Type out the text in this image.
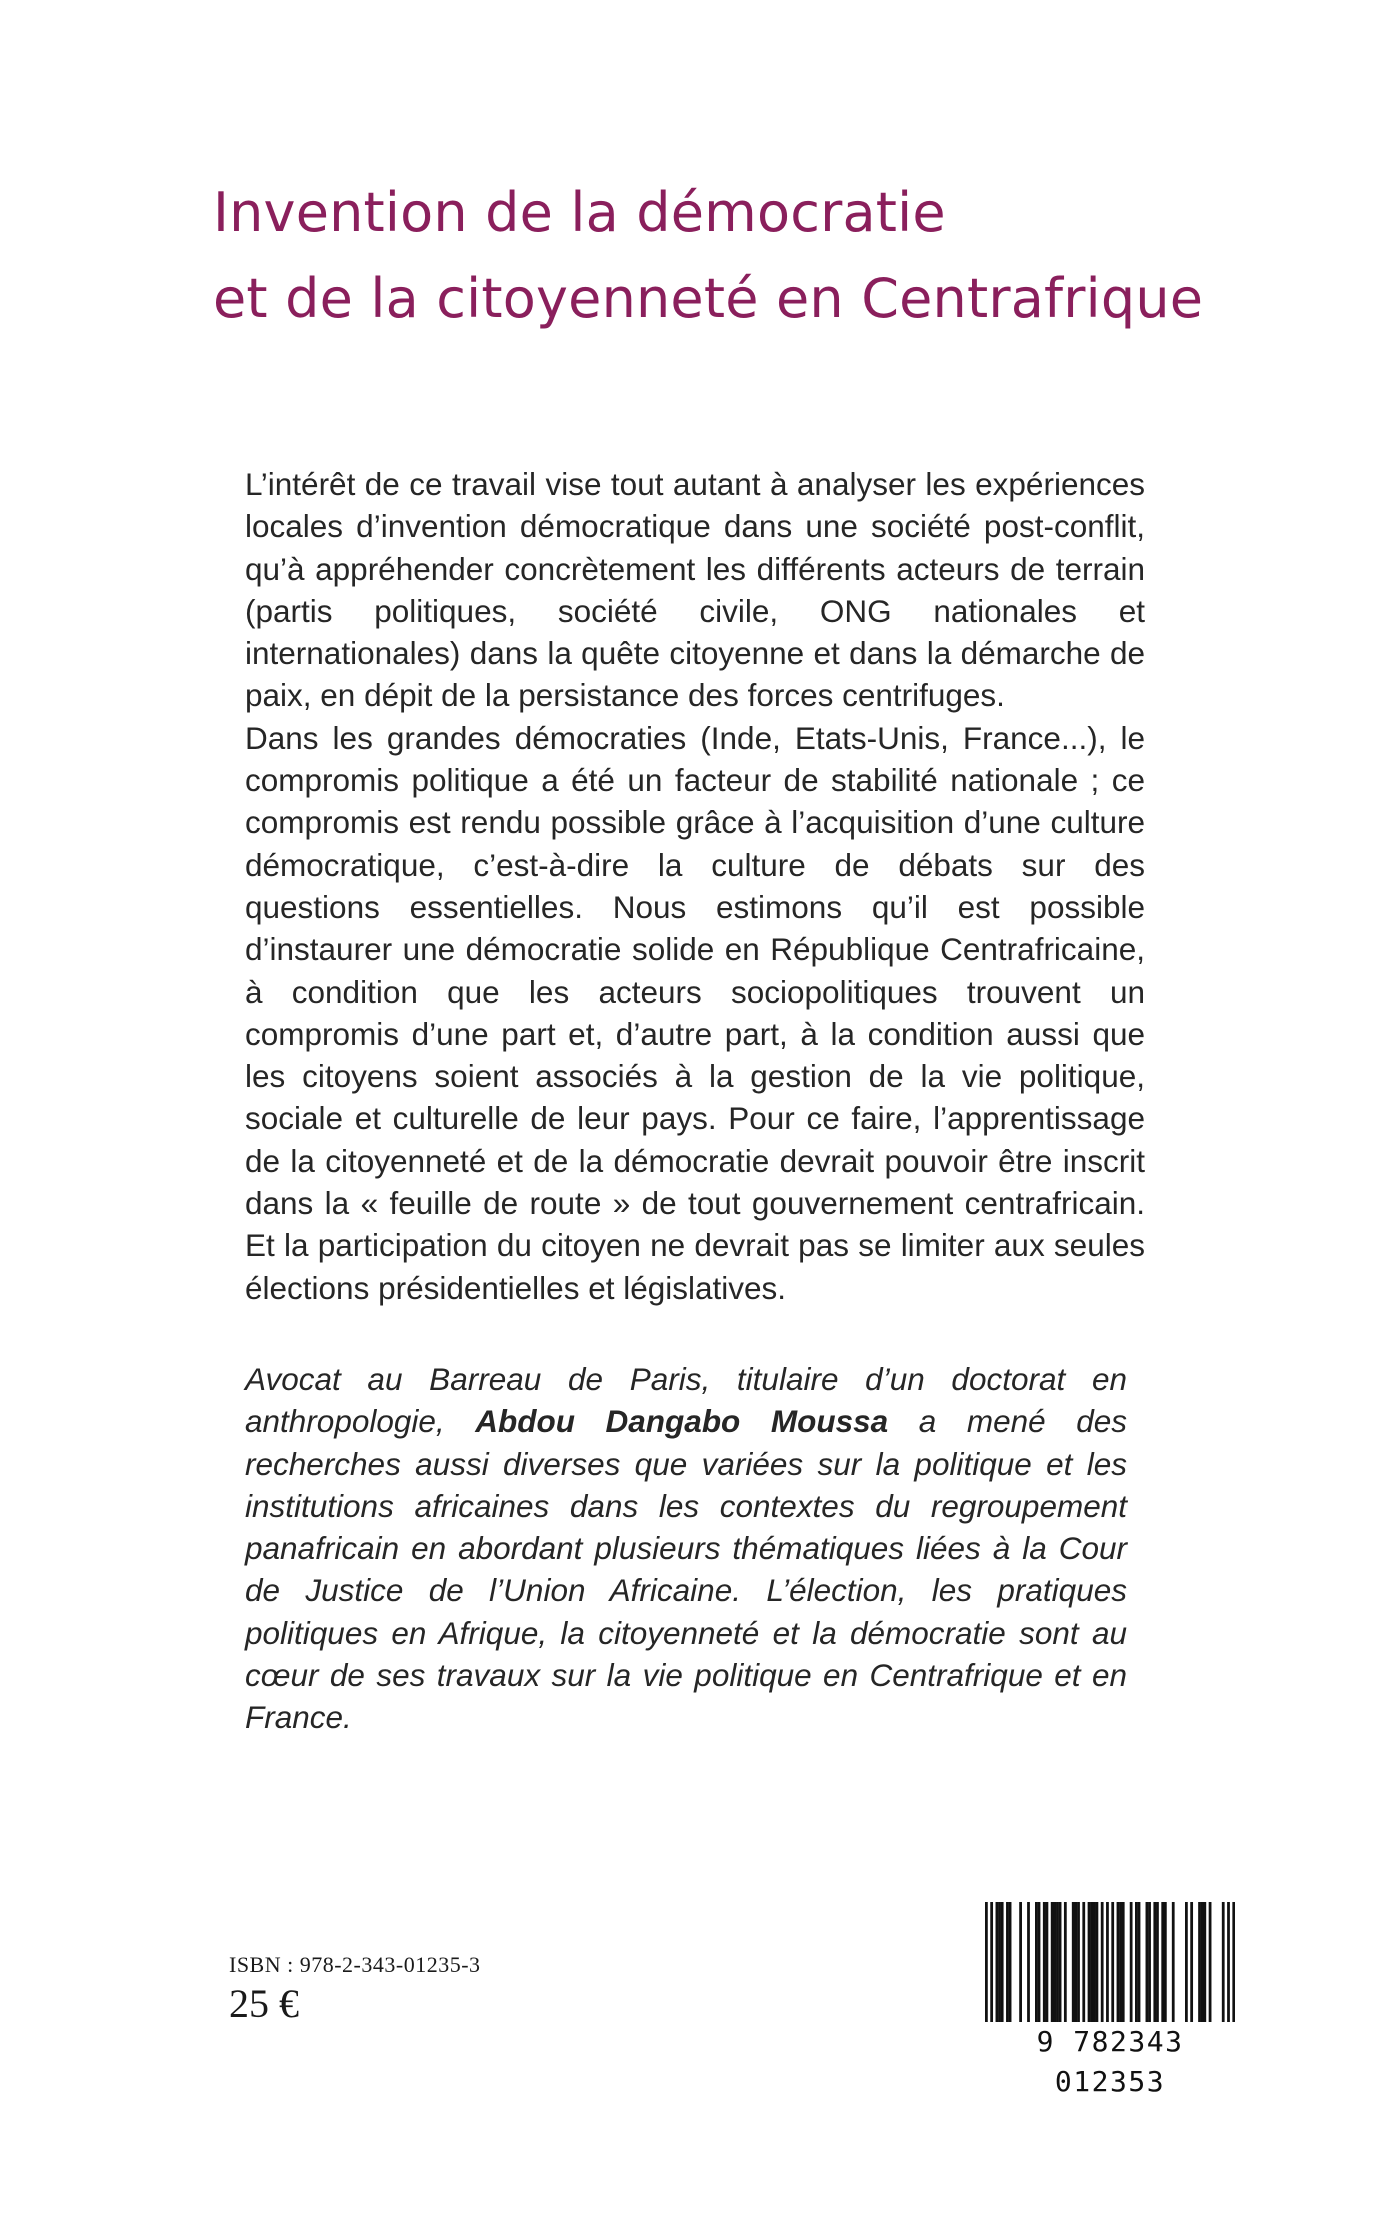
Invention de la démocratie
et de la citoyenneté en Centrafrique

L’intérêt de ce travail vise tout autant à analyser les expériences locales d’invention démocratique dans une société post-conflit, qu’à appréhender concrètement les différents acteurs de terrain (partis politiques, société civile, ONG nationales et internationales) dans la quête citoyenne et dans la démarche de paix, en dépit de la persistance des forces centrifuges.

Dans les grandes démocraties (Inde, Etats-Unis, France...), le compromis politique a été un facteur de stabilité nationale ; ce compromis est rendu possible grâce à l’acquisition d’une culture démocratique, c’est-à-dire la culture de débats sur des questions essentielles. Nous estimons qu’il est possible d’instaurer une démocratie solide en République Centrafricaine, à condition que les acteurs sociopolitiques trouvent un compromis d’une part et, d’autre part, à la condition aussi que les citoyens soient associés à la gestion de la vie politique, sociale et culturelle de leur pays. Pour ce faire, l’apprentissage de la citoyenneté et de la démocratie devrait pouvoir être inscrit dans la « feuille de route » de tout gouvernement centrafricain. Et la participation du citoyen ne devrait pas se limiter aux seules élections présidentielles et législatives.

Avocat au Barreau de Paris, titulaire d’un doctorat en anthropologie, Abdou Dangabo Moussa a mené des recherches aussi diverses que variées sur la politique et les institutions africaines dans les contextes du regroupement panafricain en abordant plusieurs thématiques liées à la Cour de Justice de l’Union Africaine. L’élection, les pratiques politiques en Afrique, la citoyenneté et la démocratie sont au cœur de ses travaux sur la vie politique en Centrafrique et en France.

ISBN : 978-2-343-01235-3

25 €

9 782343 012353
